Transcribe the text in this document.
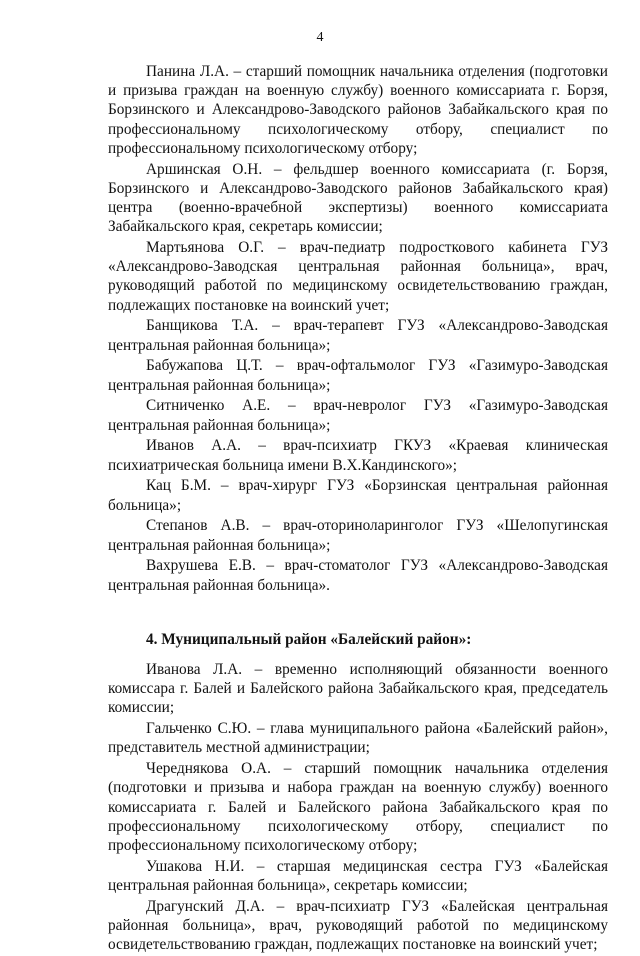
4

Панина Л.А. – старший помощник начальника отделения (подготовки и призыва граждан на военную службу) военного комиссариата г. Борзя, Борзинского и Александрово-Заводского районов Забайкальского края по профессиональному психологическому отбору, специалист по профессиональному психологическому отбору;

Аршинская О.Н. – фельдшер военного комиссариата (г. Борзя, Борзинского и Александрово-Заводского районов Забайкальского края) центра (военно-врачебной экспертизы) военного комиссариата Забайкальского края, секретарь комиссии;

Мартьянова О.Г. – врач-педиатр подросткового кабинета ГУЗ «Александрово-Заводская центральная районная больница», врач, руководящий работой по медицинскому освидетельствованию граждан, подлежащих постановке на воинский учет;

Банщикова Т.А. – врач-терапевт ГУЗ «Александрово-Заводская центральная районная больница»;

Бабужапова Ц.Т. – врач-офтальмолог ГУЗ «Газимуро-Заводская центральная районная больница»;

Ситниченко А.Е. – врач-невролог ГУЗ «Газимуро-Заводская центральная районная больница»;

Иванов А.А. – врач-психиатр ГКУЗ «Краевая клиническая психиатрическая больница имени В.Х.Кандинского»;

Кац Б.М. – врач-хирург ГУЗ «Борзинская центральная районная больница»;

Степанов А.В. – врач-оториноларинголог ГУЗ «Шелопугинская центральная районная больница»;

Вахрушева Е.В. – врач-стоматолог ГУЗ «Александрово-Заводская центральная районная больница».

4. Муниципальный район «Балейский район»:

Иванова Л.А. – временно исполняющий обязанности военного комиссара г. Балей и Балейского района Забайкальского края, председатель комиссии;

Гальченко С.Ю. – глава муниципального района «Балейский район», представитель местной администрации;

Чередняковa О.А. – старший помощник начальника отделения (подготовки и призыва и набора граждан на военную службу) военного комиссариата г. Балей и Балейского района Забайкальского края по профессиональному психологическому отбору, специалист по профессиональному психологическому отбору;

Ушакова Н.И. – старшая медицинская сестра ГУЗ «Балейская центральная районная больница», секретарь комиссии;

Драгунский Д.А. – врач-психиатр ГУЗ «Балейская центральная районная больница», врач, руководящий работой по медицинскому освидетельствованию граждан, подлежащих постановке на воинский учет;
